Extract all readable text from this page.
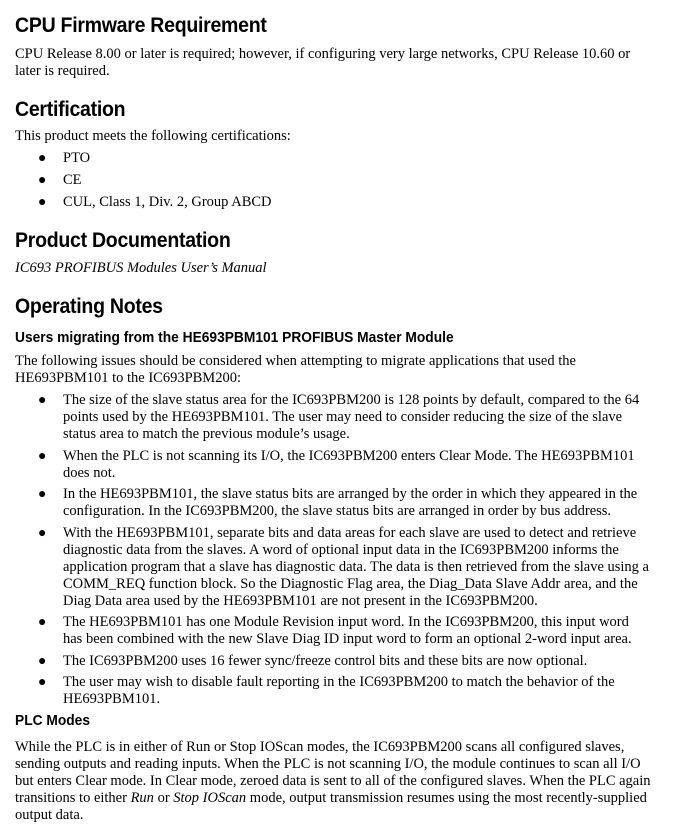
CPU Firmware Requirement

CPU Release 8.00 or later is required; however, if configuring very large networks, CPU Release 10.60 or later is required.

Certification

This product meets the following certifications:

● PTO
● CE
● CUL, Class 1, Div. 2, Group ABCD
Product Documentation

IC693 PROFIBUS Modules User’s Manual

Operating Notes
Users migrating from the HE693PBM101 PROFIBUS Master Module

The following issues should be considered when attempting to migrate applications that used the HE693PBM101 to the IC693PBM200:

● The size of the slave status area for the IC693PBM200 is 128 points by default, compared to the 64 points used by the HE693PBM101. The user may need to consider reducing the size of the slave status area to match the previous module’s usage.
● When the PLC is not scanning its I/O, the IC693PBM200 enters Clear Mode. The HE693PBM101 does not.
● In the HE693PBM101, the slave status bits are arranged by the order in which they appeared in the configuration. In the IC693PBM200, the slave status bits are arranged in order by bus address.
● With the HE693PBM101, separate bits and data areas for each slave are used to detect and retrieve diagnostic data from the slaves. A word of optional input data in the IC693PBM200 informs the application program that a slave has diagnostic data. The data is then retrieved from the slave using a COMM_REQ function block. So the Diagnostic Flag area, the Diag_Data Slave Addr area, and the Diag Data area used by the HE693PBM101 are not present in the IC693PBM200.
● The HE693PBM101 has one Module Revision input word. In the IC693PBM200, this input word has been combined with the new Slave Diag ID input word to form an optional 2-word input area.
● The IC693PBM200 uses 16 fewer sync/freeze control bits and these bits are now optional.
● The user may wish to disable fault reporting in the IC693PBM200 to match the behavior of the HE693PBM101.
PLC Modes

While the PLC is in either of Run or Stop IOScan modes, the IC693PBM200 scans all configured slaves, sending outputs and reading inputs. When the PLC is not scanning I/O, the module continues to scan all I/O but enters Clear mode. In Clear mode, zeroed data is sent to all of the configured slaves. When the PLC again transitions to either Run or Stop IOScan mode, output transmission resumes using the most recently-supplied output data.
